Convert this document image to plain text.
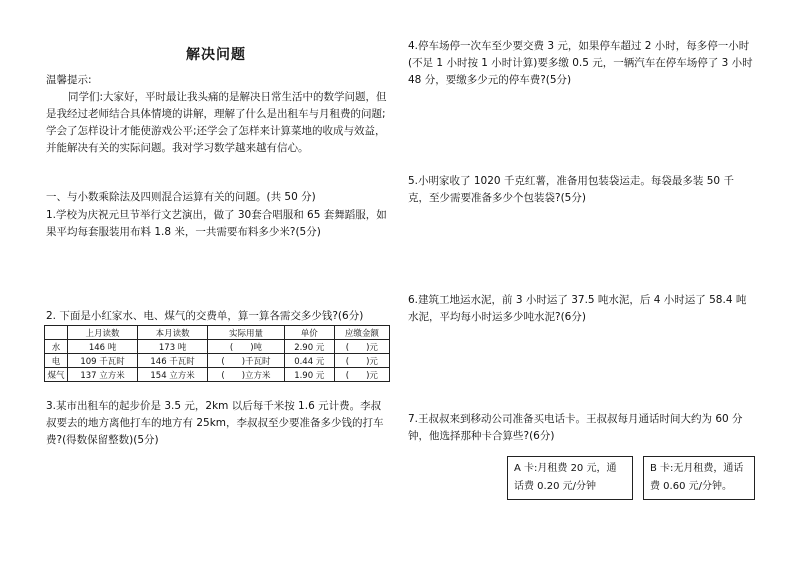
解决问题
温馨提示:
同学们:大家好，平时最让我头痛的是解决日常生活中的数学问题，但是我经过老师结合具体情境的讲解，理解了什么是出租车与月租费的问题;学会了怎样设计才能使游戏公平;还学会了怎样来计算菜地的收成与效益，并能解决有关的实际问题。我对学习数学越来越有信心。
一、与小数乘除法及四则混合运算有关的问题。(共 50 分)
1.学校为庆祝元旦节举行文艺演出，做了 30套合唱服和 65 套舞蹈服，如果平均每套服装用布料 1.8 米，一共需要布料多少米?(5分)
2. 下面是小红家水、电、煤气的交费单，算一算各需交多少钱?(6分)
	上月读数	本月读数	实际用量	单价	应缴金额
水	146 吨	173 吨	(　　)吨	2.90 元	(　　)元
电	109 千瓦时	146 千瓦时	(　　)千瓦时	0.44 元	(　　)元
煤气	137 立方米	154 立方米	(　　)立方米	1.90 元	(　　)元
3.某市出租车的起步价是 3.5 元，2km 以后每千米按 1.6 元计费。李叔叔要去的地方离他打车的地方有 25km，李叔叔至少要准备多少钱的打车费?(得数保留整数)(5分)
4.停车场停一次车至少要交费 3 元，如果停车超过 2 小时，每多停一小时(不足 1 小时按 1 小时计算)要多缴 0.5 元，一辆汽车在停车场停了 3 小时 48 分，要缴多少元的停车费?(5分)
5.小明家收了 1020 千克红薯，准备用包装袋运走。每袋最多装 50 千克，至少需要准备多少个包装袋?(5分)
6.建筑工地运水泥，前 3 小时运了 37.5 吨水泥，后 4 小时运了 58.4 吨水泥，平均每小时运多少吨水泥?(6分)
7.王叔叔来到移动公司准备买电话卡。王叔叔每月通话时间大约为 60 分钟，他选择那种卡合算些?(6分)
A 卡:月租费 20 元，通话费 0.20 元/分钟
B 卡:无月租费，通话费 0.60 元/分钟。
